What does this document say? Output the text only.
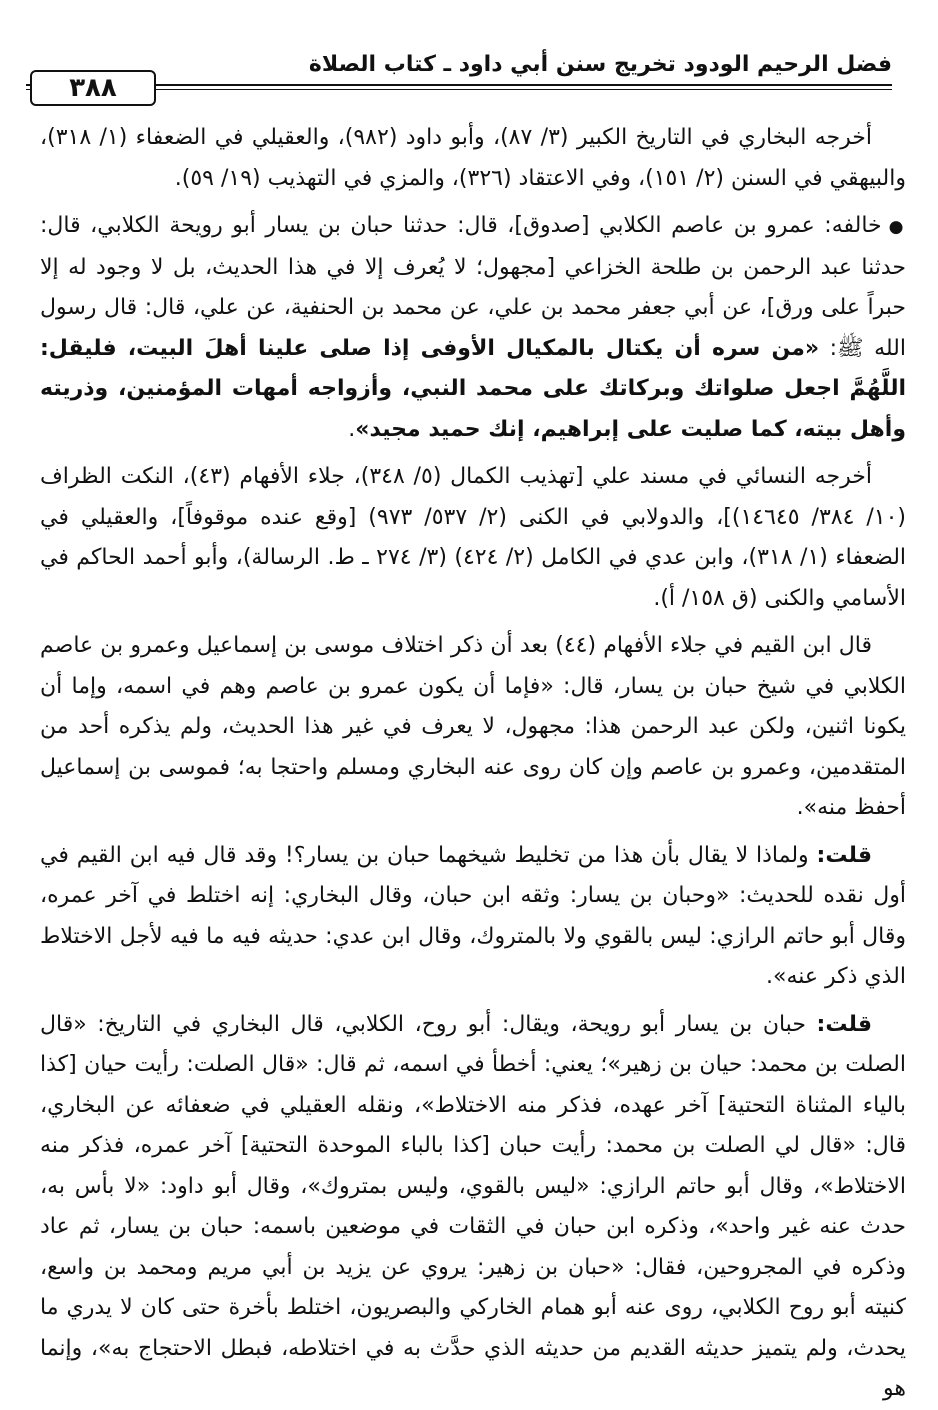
فضل الرحيم الودود تخريج سنن أبي داود ـ كتاب الصلاة
٣٨٨

أخرجه البخاري في التاريخ الكبير (٣/ ٨٧)، وأبو داود (٩٨٢)، والعقيلي في الضعفاء (١/ ٣١٨)، والبيهقي في السنن (٢/ ١٥١)، وفي الاعتقاد (٣٢٦)، والمزي في التهذيب (١٩/ ٥٩).

● خالفه: عمرو بن عاصم الكلابي [صدوق]، قال: حدثنا حبان بن يسار أبو رويحة الكلابي، قال: حدثنا عبد الرحمن بن طلحة الخزاعي [مجهول؛ لا يُعرف إلا في هذا الحديث، بل لا وجود له إلا حبراً على ورق]، عن أبي جعفر محمد بن علي، عن محمد بن الحنفية، عن علي، قال: قال رسول الله ﷺ: «من سره أن يكتال بالمكيال الأوفى إذا صلى علينا أهلَ البيت، فليقل: اللَّهُمَّ اجعل صلواتك وبركاتك على محمد النبي، وأزواجه أمهات المؤمنين، وذريته وأهل بيته، كما صليت على إبراهيم، إنك حميد مجيد».

أخرجه النسائي في مسند علي [تهذيب الكمال (٥/ ٣٤٨)، جلاء الأفهام (٤٣)، النكت الظراف (١٠/ ٣٨٤/ ١٤٦٤٥)]، والدولابي في الكنى (٢/ ٥٣٧/ ٩٧٣) [وقع عنده موقوفاً]، والعقيلي في الضعفاء (١/ ٣١٨)، وابن عدي في الكامل (٢/ ٤٢٤) (٣/ ٢٧٤ ـ ط. الرسالة)، وأبو أحمد الحاكم في الأسامي والكنى (ق ١٥٨/ أ).

قال ابن القيم في جلاء الأفهام (٤٤) بعد أن ذكر اختلاف موسى بن إسماعيل وعمرو بن عاصم الكلابي في شيخ حبان بن يسار، قال: «فإما أن يكون عمرو بن عاصم وهم في اسمه، وإما أن يكونا اثنين، ولكن عبد الرحمن هذا: مجهول، لا يعرف في غير هذا الحديث، ولم يذكره أحد من المتقدمين، وعمرو بن عاصم وإن كان روى عنه البخاري ومسلم واحتجا به؛ فموسى بن إسماعيل أحفظ منه».

قلت: ولماذا لا يقال بأن هذا من تخليط شيخهما حبان بن يسار؟! وقد قال فيه ابن القيم في أول نقده للحديث: «وحبان بن يسار: وثقه ابن حبان، وقال البخاري: إنه اختلط في آخر عمره، وقال أبو حاتم الرازي: ليس بالقوي ولا بالمتروك، وقال ابن عدي: حديثه فيه ما فيه لأجل الاختلاط الذي ذكر عنه».

قلت: حبان بن يسار أبو رويحة، ويقال: أبو روح، الكلابي، قال البخاري في التاريخ: «قال الصلت بن محمد: حيان بن زهير»؛ يعني: أخطأ في اسمه، ثم قال: «قال الصلت: رأيت حيان [كذا بالياء المثناة التحتية] آخر عهده، فذكر منه الاختلاط»، ونقله العقيلي في ضعفائه عن البخاري، قال: «قال لي الصلت بن محمد: رأيت حبان [كذا بالباء الموحدة التحتية] آخر عمره، فذكر منه الاختلاط»، وقال أبو حاتم الرازي: «ليس بالقوي، وليس بمتروك»، وقال أبو داود: «لا بأس به، حدث عنه غير واحد»، وذكره ابن حبان في الثقات في موضعين باسمه: حبان بن يسار، ثم عاد وذكره في المجروحين، فقال: «حبان بن زهير: يروي عن يزيد بن أبي مريم ومحمد بن واسع، كنيته أبو روح الكلابي، روى عنه أبو همام الخاركي والبصريون، اختلط بأخرة حتى كان لا يدري ما يحدث، ولم يتميز حديثه القديم من حديثه الذي حدَّث به في اختلاطه، فبطل الاحتجاج به»، وإنما هو
